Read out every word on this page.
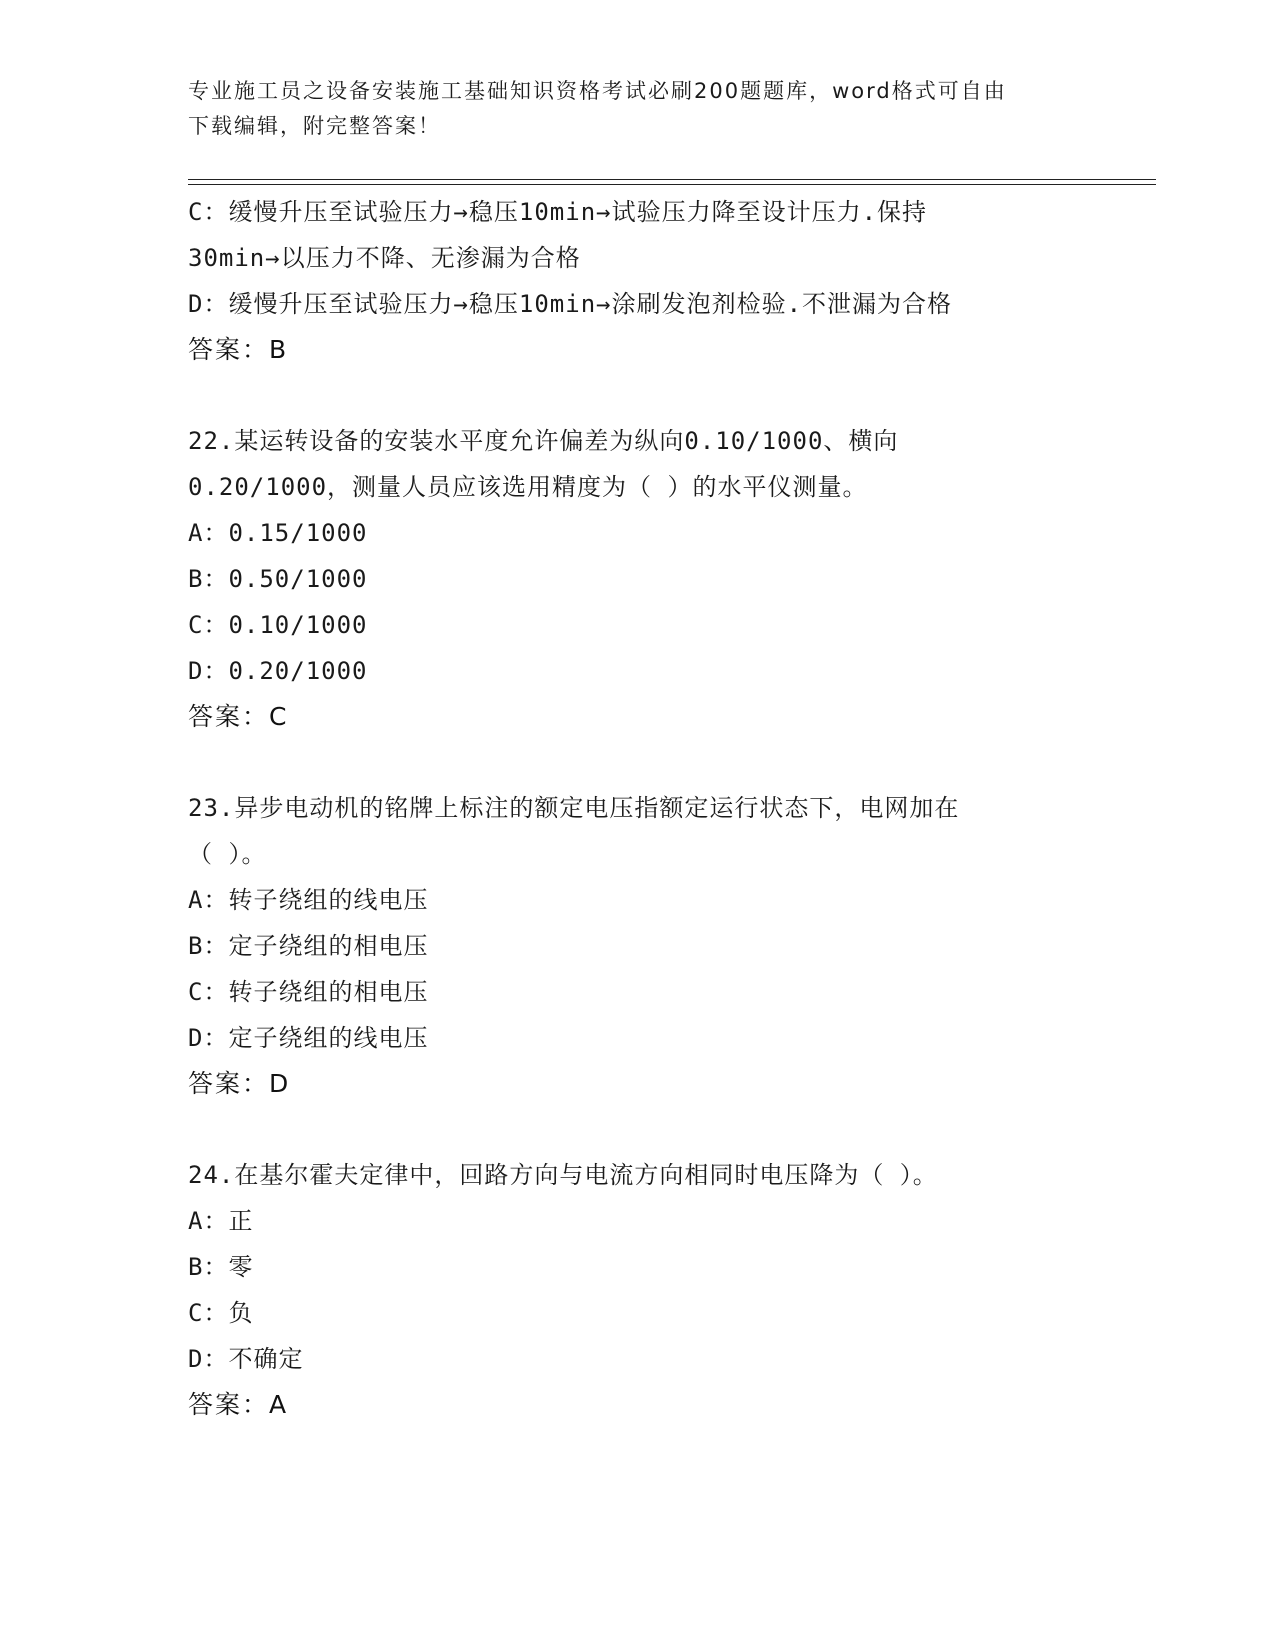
专业施工员之设备安装施工基础知识资格考试必刷200题题库，word格式可自由
下载编辑，附完整答案！
C：缓慢升压至试验压力→稳压10min→试验压力降至设计压力.保持
30min→以压力不降、无渗漏为合格
D：缓慢升压至试验压力→稳压10min→涂刷发泡剂检验.不泄漏为合格
答案：B
22.某运转设备的安装水平度允许偏差为纵向0.10/1000、横向
0.20/1000，测量人员应该选用精度为（ ）的水平仪测量。
A：0.15/1000
B：0.50/1000
C：0.10/1000
D：0.20/1000
答案：C
23.异步电动机的铭牌上标注的额定电压指额定运行状态下，电网加在
（ ）。
A：转子绕组的线电压
B：定子绕组的相电压
C：转子绕组的相电压
D：定子绕组的线电压
答案：D
24.在基尔霍夫定律中，回路方向与电流方向相同时电压降为（ ）。
A：正
B：零
C：负
D：不确定
答案：A
